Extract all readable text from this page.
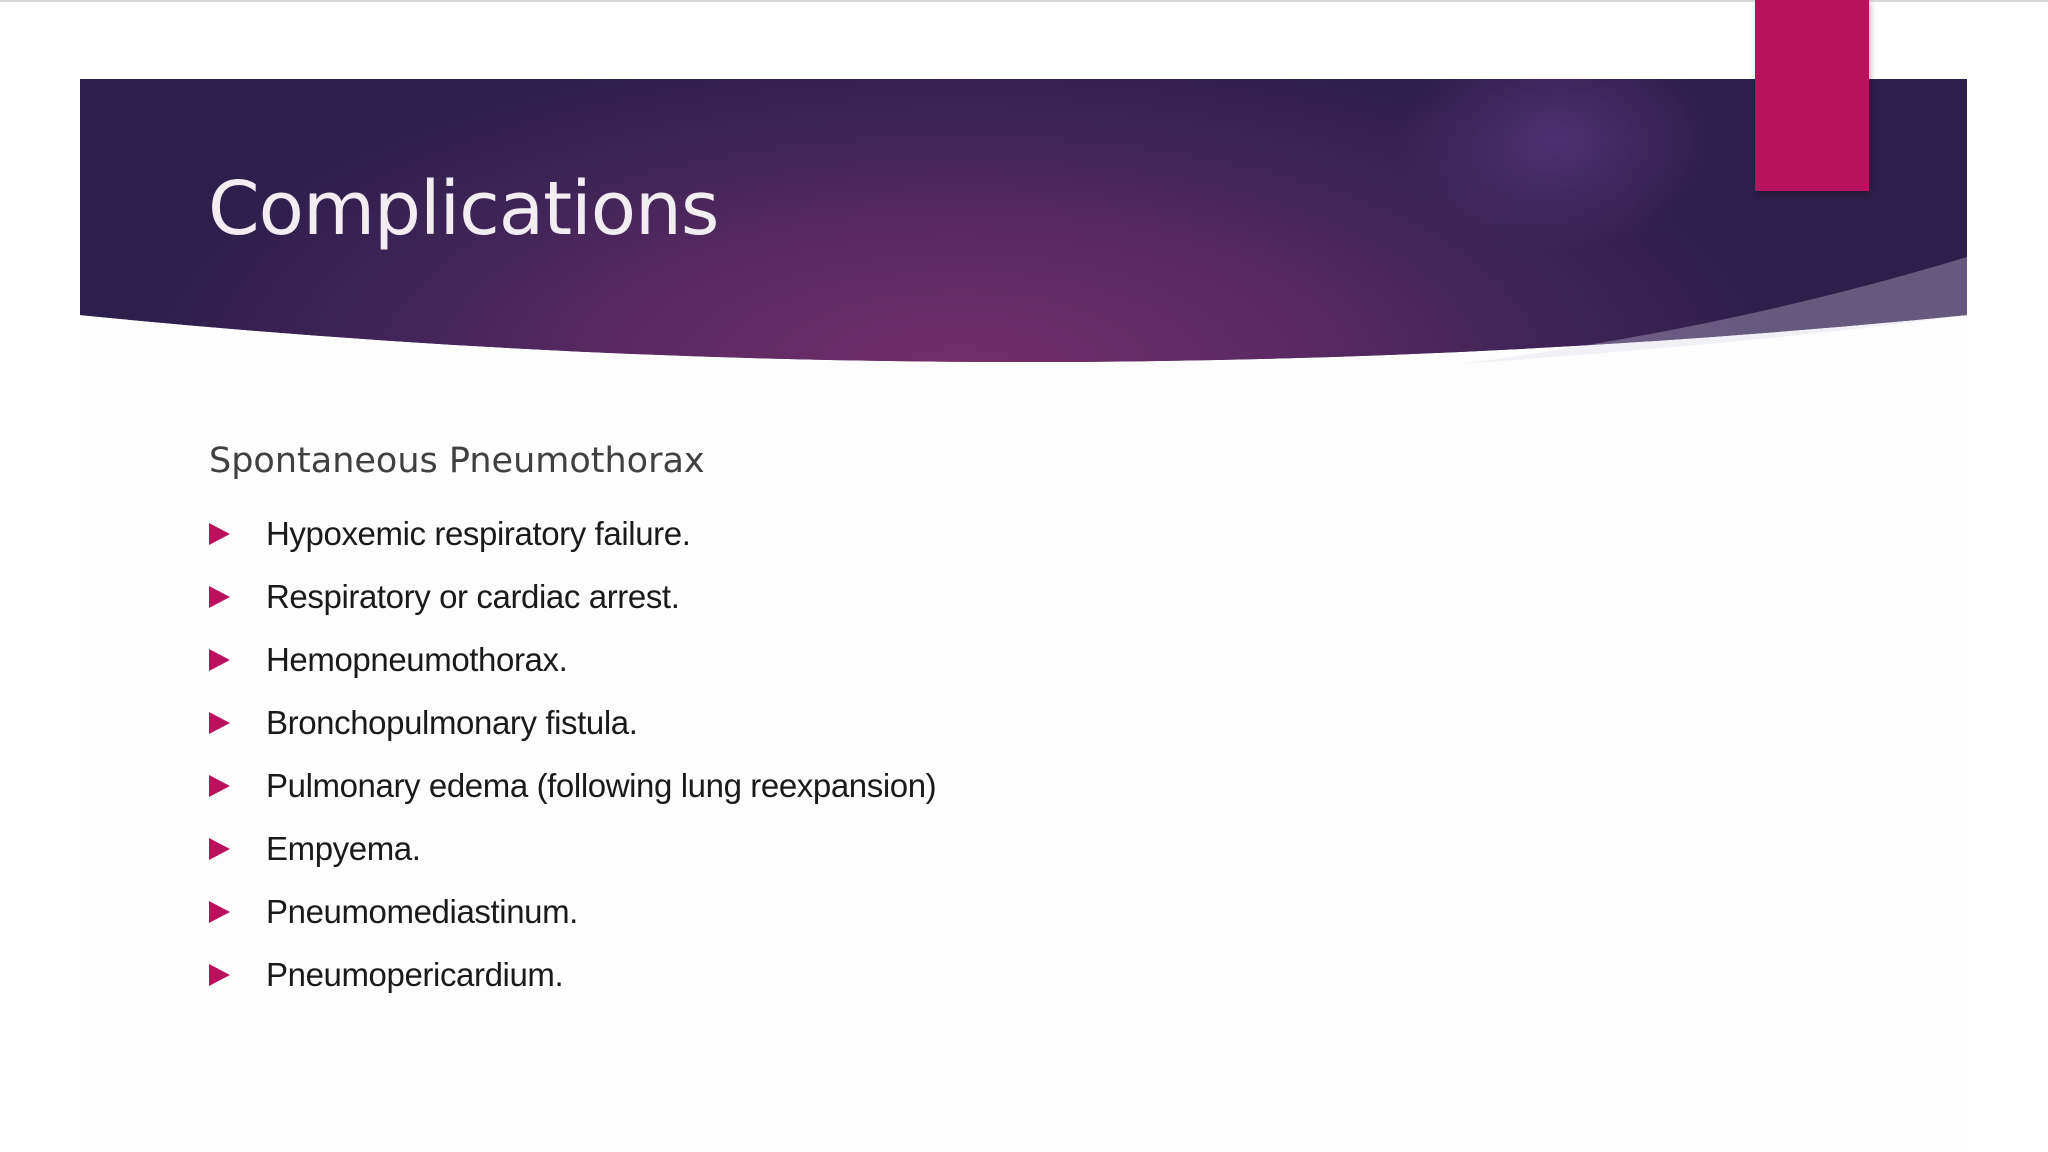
Complications
Spontaneous Pneumothorax
Hypoxemic respiratory failure.
Respiratory or cardiac arrest.
Hemopneumothorax.
Bronchopulmonary fistula.
Pulmonary edema (following lung reexpansion)
Empyema.
Pneumomediastinum.
Pneumopericardium.
